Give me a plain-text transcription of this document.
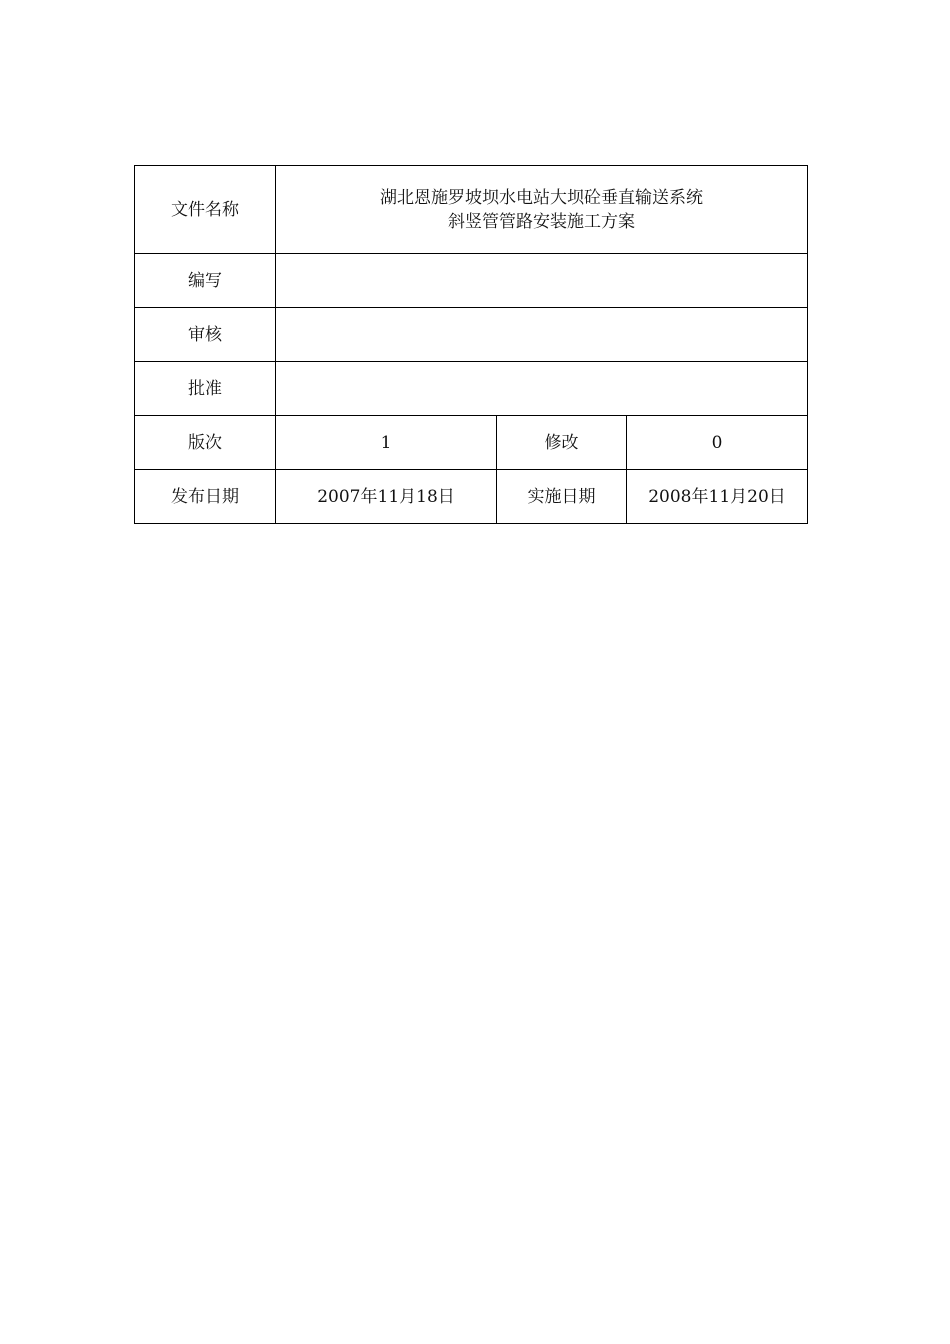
文件名称	湖北恩施罗坡坝水电站大坝砼垂直输送系统
斜竖管管路安装施工方案		

编写			
审核			
批准			
版次	1	修改	0
发布日期	2007年11月18日	实施日期	2008年11月20日
